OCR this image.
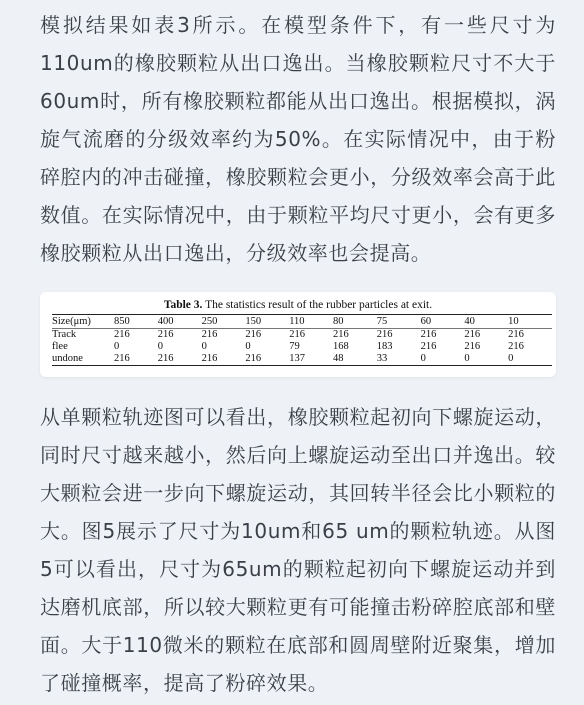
模拟结果如表3所示。在模型条件下，有一些尺寸为110um的橡胶颗粒从出口逸出。当橡胶颗粒尺寸不大于60um时，所有橡胶颗粒都能从出口逸出。根据模拟，涡旋气流磨的分级效率约为50%。在实际情况中，由于粉碎腔内的冲击碰撞，橡胶颗粒会更小，分级效率会高于此数值。在实际情况中，由于颗粒平均尺寸更小，会有更多橡胶颗粒从出口逸出，分级效率也会提高。

Table 3. The statistics result of the rubber particles at exit.
Size(μm)	850	400	250	150	110	80	75	60	40	10
Track	216	216	216	216	216	216	216	216	216	216
flee	0	0	0	0	79	168	183	216	216	216
undone	216	216	216	216	137	48	33	0	0	0

从单颗粒轨迹图可以看出，橡胶颗粒起初向下螺旋运动，同时尺寸越来越小，然后向上螺旋运动至出口并逸出。较大颗粒会进一步向下螺旋运动，其回转半径会比小颗粒的大。图5展示了尺寸为10um和65 um的颗粒轨迹。从图5可以看出，尺寸为65um的颗粒起初向下螺旋运动并到达磨机底部，所以较大颗粒更有可能撞击粉碎腔底部和壁面。大于110微米的颗粒在底部和圆周壁附近聚集，增加了碰撞概率，提高了粉碎效果。
